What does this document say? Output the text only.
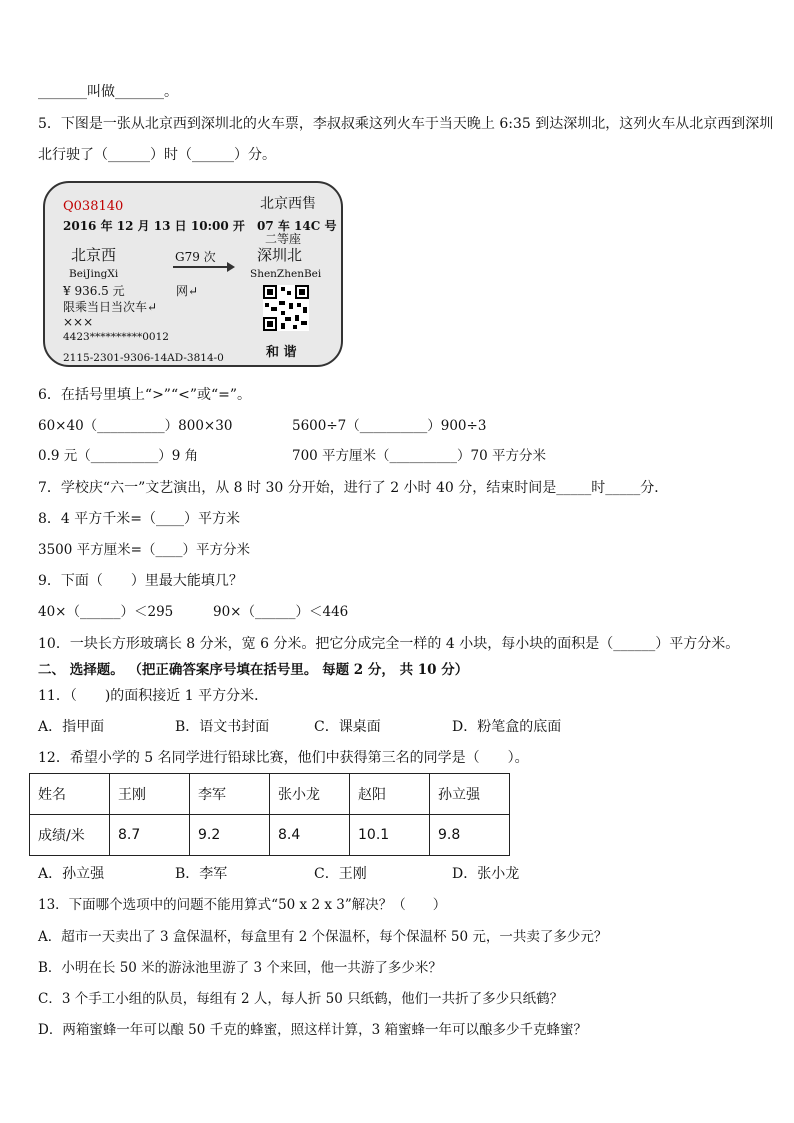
_______叫做_______。
5．下图是一张从北京西到深圳北的火车票，李叔叔乘这列火车于当天晚上 6:35 到达深圳北，这列火车从北京西到深圳
北行驶了（______）时（______）分。
Q038140	北京西售
2016 年 12 月 13 日 10:00 开 07 车 14C 号
二等座
北京西	G79 次	深圳北
BeiJingXi	ShenZhenBei
¥ 936.5 元	网↵
限乘当日当次车↵
×××
4423**********0012
2115-2301-9306-14AD-3814-0	和 谐
6．在括号里填上“>”“<”或“=”。
60×40（__________）800×30	5600÷7（__________）900÷3
0.9 元（__________）9 角	700 平方厘米（__________）70 平方分米
7．学校庆“六一”文艺演出，从 8 时 30 分开始，进行了 2 小时 40 分，结束时间是_____时_____分．
8．4 平方千米=（____）平方米
3500 平方厘米=（____）平方分米
9．下面（　　）里最大能填几？
40×（______）＜295	90×（______）＜446
10．一块长方形玻璃长 8 分米，宽 6 分米。把它分成完全一样的 4 小块，每小块的面积是（______）平方分米。
二、 选择题。 （把正确答案序号填在括号里。 每题 2 分， 共 10 分）
11．（　　)的面积接近 1 平方分米．
A．指甲面	B．语文书封面	C．课桌面	D．粉笔盒的底面
12．希望小学的 5 名同学进行铅球比赛，他们中获得第三名的同学是（　　）。
姓名	王刚	李军	张小龙	赵阳	孙立强
成绩/米	8.7	9.2	8.4	10.1	9.8
A．孙立强	B．李军	C．王刚	D．张小龙
13．下面哪个选项中的问题不能用算式“50 x 2 x 3”解决？（　　）
A．超市一天卖出了 3 盒保温杯，每盒里有 2 个保温杯，每个保温杯 50 元，一共卖了多少元？
B．小明在长 50 米的游泳池里游了 3 个来回，他一共游了多少米？
C．3 个手工小组的队员，每组有 2 人，每人折 50 只纸鹤，他们一共折了多少只纸鹤？
D．两箱蜜蜂一年可以酿 50 千克的蜂蜜，照这样计算，3 箱蜜蜂一年可以酿多少千克蜂蜜？
